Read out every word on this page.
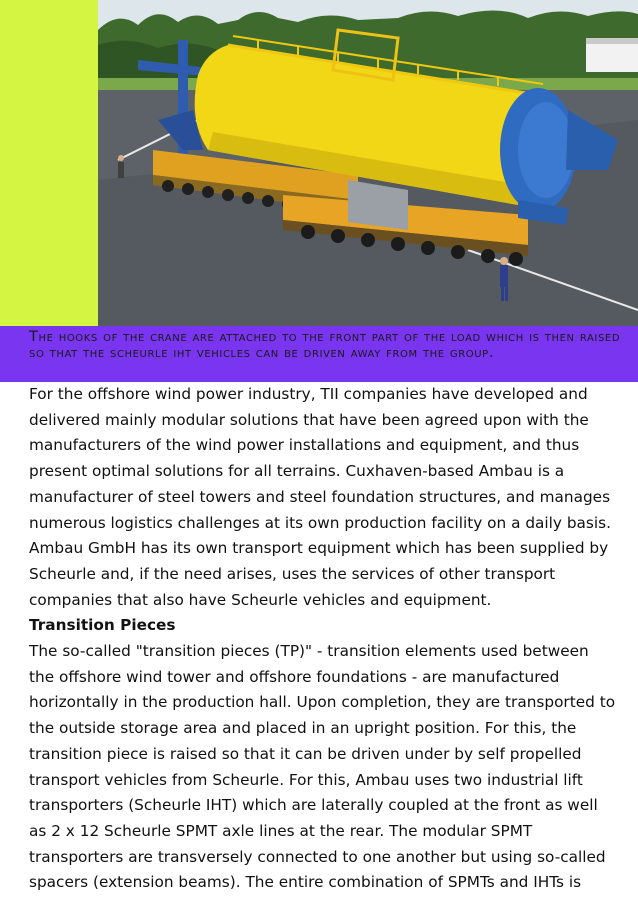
The hooks of the crane are attached to the front part of the load which is then raised so that the scheurle iht vehicles can be driven away from the group.

For the offshore wind power industry, TII companies have developed and delivered mainly modular solutions that have been agreed upon with the manufacturers of the wind power installations and equipment, and thus present optimal solutions for all terrains. Cuxhaven-based Ambau is a manufacturer of steel towers and steel foundation structures, and manages numerous logistics challenges at its own production facility on a daily basis. Ambau GmbH has its own transport equipment which has been supplied by Scheurle and, if the need arises, uses the services of other transport companies that also have Scheurle vehicles and equipment.

Transition Pieces

The so-called "transition pieces (TP)" - transition elements used between the offshore wind tower and offshore foundations - are manufactured horizontally in the production hall. Upon completion, they are transported to the outside storage area and placed in an upright position. For this, the transition piece is raised so that it can be driven under by self propelled transport vehicles from Scheurle. For this, Ambau uses two industrial lift transporters (Scheurle IHT) which are laterally coupled at the front as well as 2 x 12 Scheurle SPMT axle lines at the rear. The modular SPMT transporters are transversely connected to one another but using so-called spacers (extension beams). The entire combination of SPMTs and IHTs is
